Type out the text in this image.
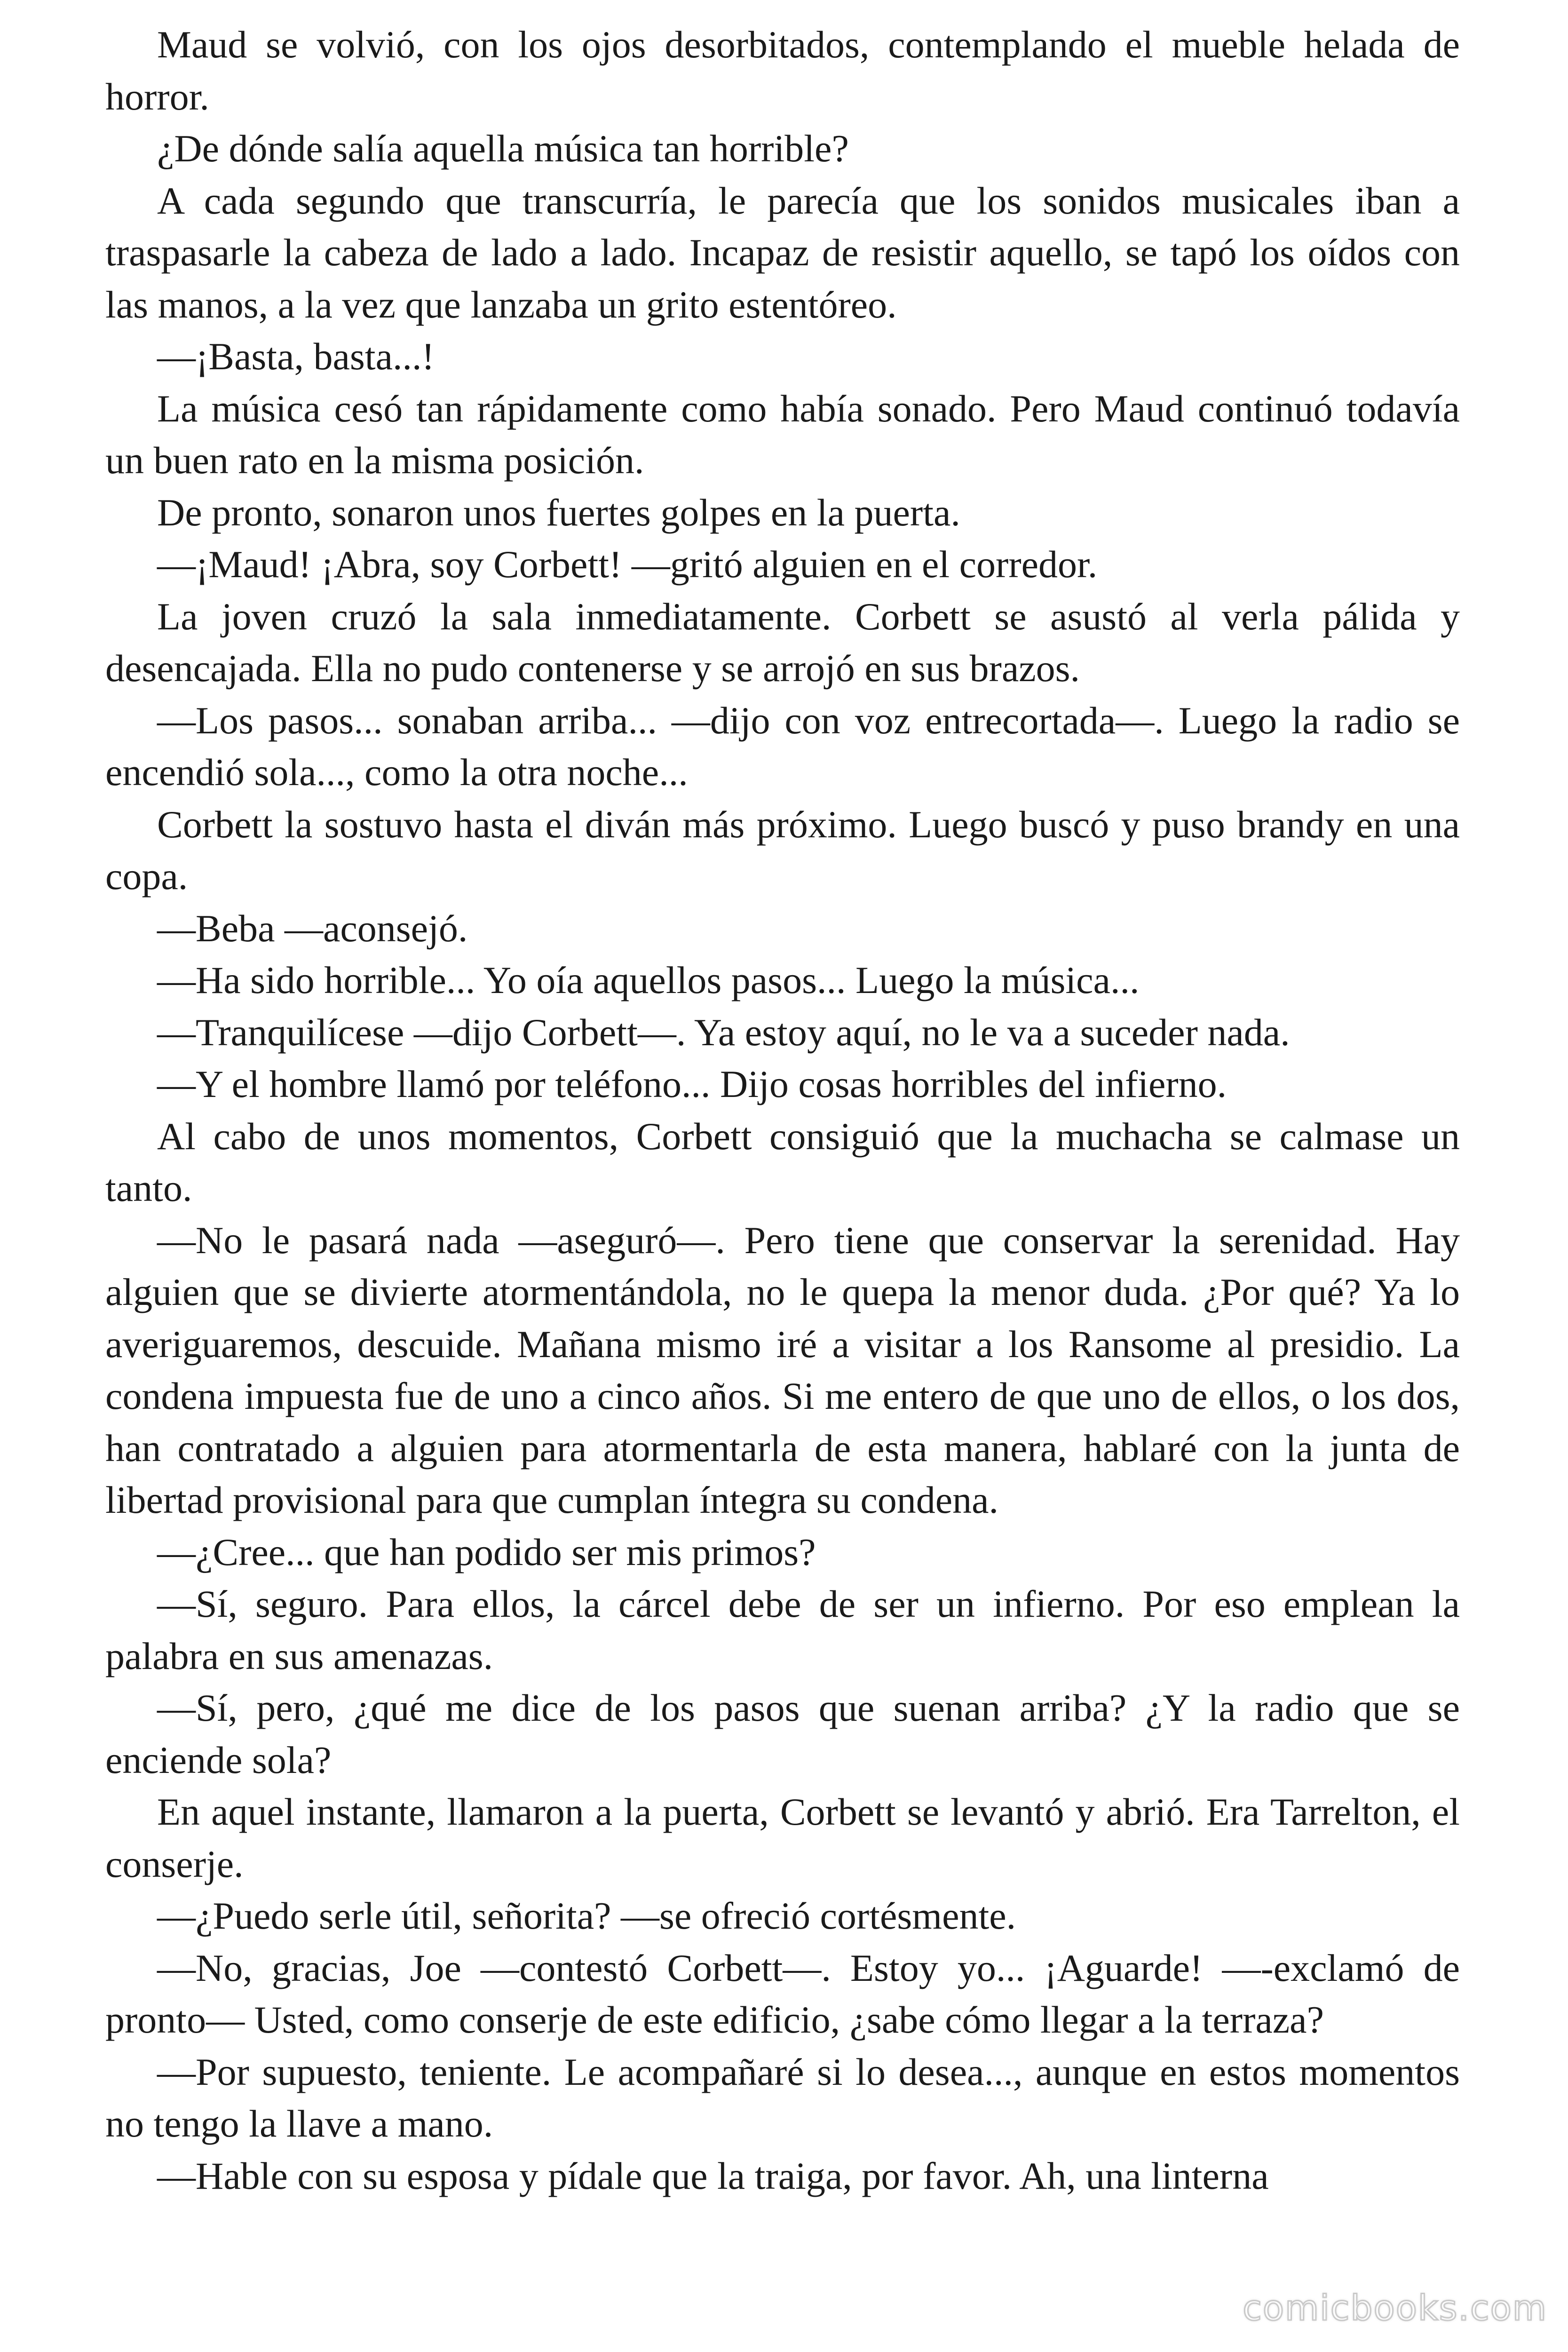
Maud se volvió, con los ojos desorbitados, contemplando el mueble helada de horror.

¿De dónde salía aquella música tan horrible?

A cada segundo que transcurría, le parecía que los sonidos musicales iban a traspasarle la cabeza de lado a lado. Incapaz de resistir aquello, se tapó los oídos con las manos, a la vez que lanzaba un grito estentóreo.

—¡Basta, basta...!

La música cesó tan rápidamente como había sonado. Pero Maud continuó todavía un buen rato en la misma posición.

De pronto, sonaron unos fuertes golpes en la puerta.

—¡Maud! ¡Abra, soy Corbett! —gritó alguien en el corredor.

La joven cruzó la sala inmediatamente. Corbett se asustó al verla pálida y desencajada. Ella no pudo contenerse y se arrojó en sus brazos.

—Los pasos... sonaban arriba... —dijo con voz entrecortada—. Luego la radio se encendió sola..., como la otra noche...

Corbett la sostuvo hasta el diván más próximo. Luego buscó y puso brandy en una copa.

—Beba —aconsejó.

—Ha sido horrible... Yo oía aquellos pasos... Luego la música...

—Tranquilícese —dijo Corbett—. Ya estoy aquí, no le va a suceder nada.

—Y el hombre llamó por teléfono... Dijo cosas horribles del infierno.

Al cabo de unos momentos, Corbett consiguió que la muchacha se calmase un tanto.

—No le pasará nada —aseguró—. Pero tiene que conservar la serenidad. Hay alguien que se divierte atormentándola, no le quepa la menor duda. ¿Por qué? Ya lo averiguaremos, descuide. Mañana mismo iré a visitar a los Ransome al presidio. La condena impuesta fue de uno a cinco años. Si me entero de que uno de ellos, o los dos, han contratado a alguien para atormentarla de esta manera, hablaré con la junta de libertad provisional para que cumplan íntegra su condena.

—¿Cree... que han podido ser mis primos?

—Sí, seguro. Para ellos, la cárcel debe de ser un infierno. Por eso emplean la palabra en sus amenazas.

—Sí, pero, ¿qué me dice de los pasos que suenan arriba? ¿Y la radio que se enciende sola?

En aquel instante, llamaron a la puerta, Corbett se levantó y abrió. Era Tarrelton, el conserje.

—¿Puedo serle útil, señorita? —se ofreció cortésmente.

—No, gracias, Joe —contestó Corbett—. Estoy yo... ¡Aguarde! —-exclamó de pronto— Usted, como conserje de este edificio, ¿sabe cómo llegar a la terraza?

—Por supuesto, teniente. Le acompañaré si lo desea..., aunque en estos momentos no tengo la llave a mano.

—Hable con su esposa y pídale que la traiga, por favor. Ah, una linterna

comicbooks.com
